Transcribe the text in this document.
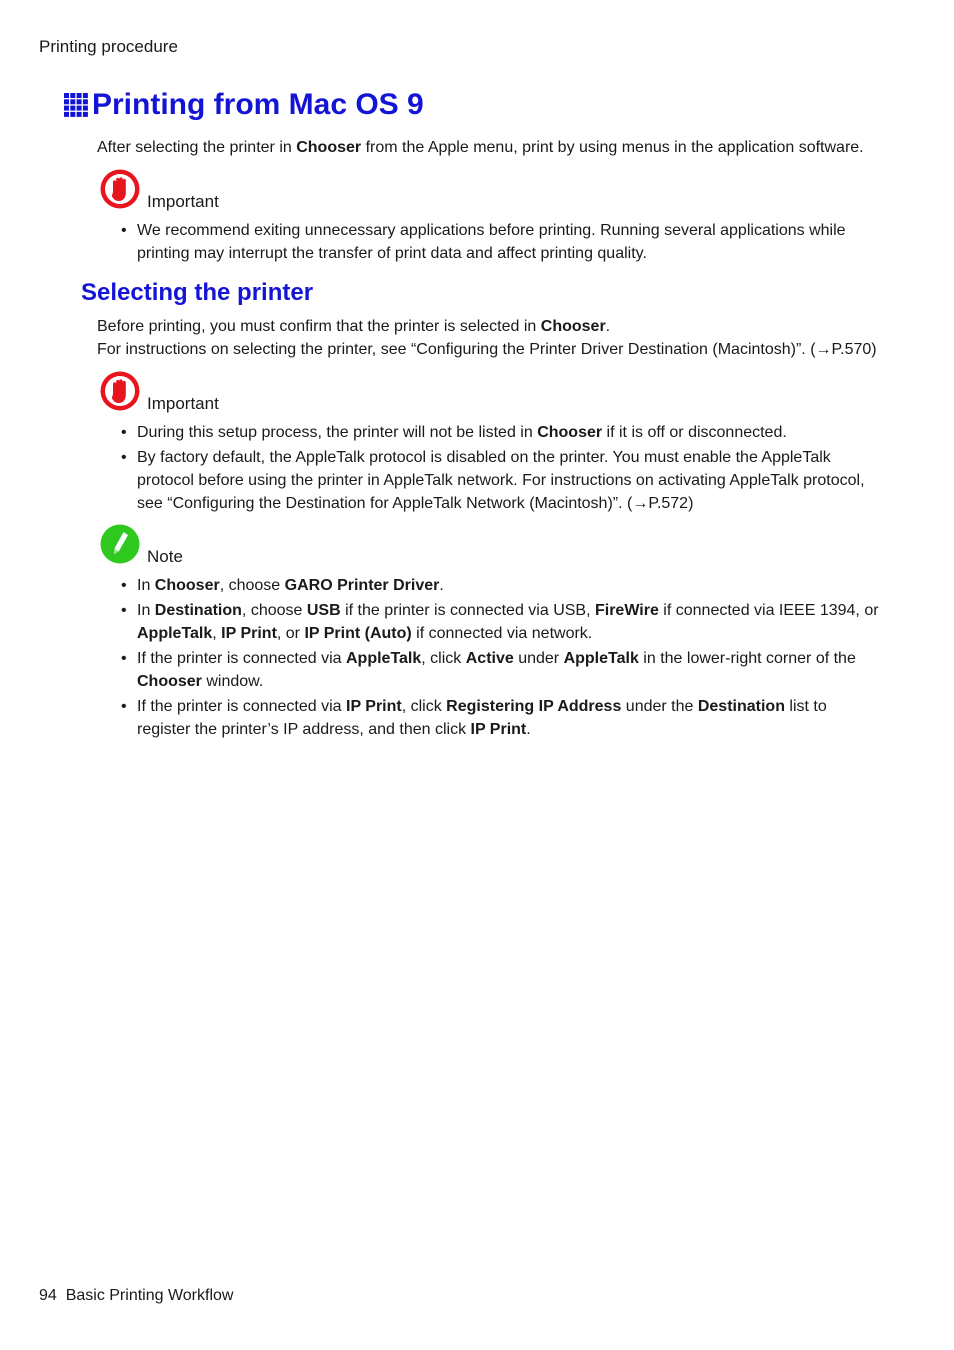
Printing procedure
Printing from Mac OS 9
After selecting the printer in Chooser from the Apple menu, print by using menus in the application software.
Important
• We recommend exiting unnecessary applications before printing. Running several applications while printing may interrupt the transfer of print data and affect printing quality.
Selecting the printer
Before printing, you must confirm that the printer is selected in Chooser.
For instructions on selecting the printer, see “Configuring the Printer Driver Destination (Macintosh)”. (→P.570)
Important
• During this setup process, the printer will not be listed in Chooser if it is off or disconnected.
• By factory default, the AppleTalk protocol is disabled on the printer. You must enable the AppleTalk protocol before using the printer in AppleTalk network. For instructions on activating AppleTalk protocol, see “Configuring the Destination for AppleTalk Network (Macintosh)”. (→P.572)
Note
• In Chooser, choose GARO Printer Driver.
• In Destination, choose USB if the printer is connected via USB, FireWire if connected via IEEE 1394, or AppleTalk, IP Print, or IP Print (Auto) if connected via network.
• If the printer is connected via AppleTalk, click Active under AppleTalk in the lower-right corner of the Chooser window.
• If the printer is connected via IP Print, click Registering IP Address under the Destination list to register the printer’s IP address, and then click IP Print.
94 Basic Printing Workflow
